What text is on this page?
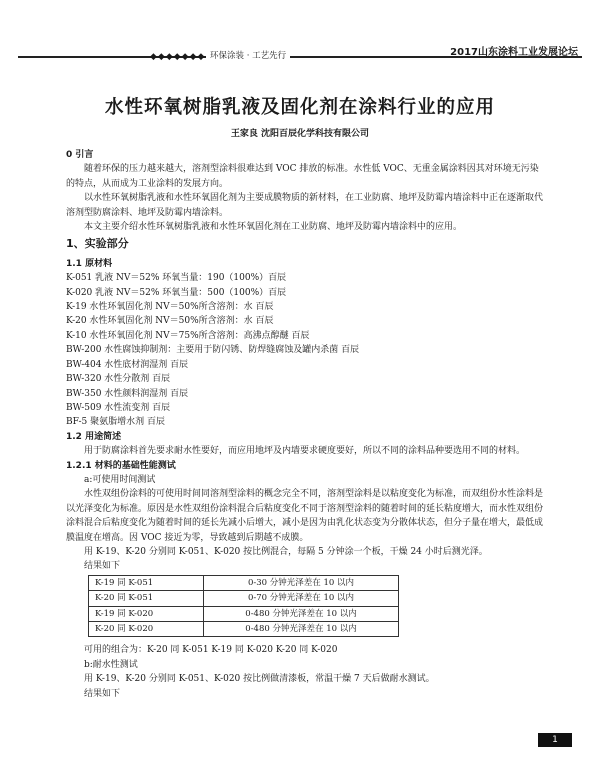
2017山东涂料工业发展论坛
◆◆◆◆◆◆◆ 环保涂装 · 工艺先行
水性环氧树脂乳液及固化剂在涂料行业的应用
王家良 沈阳百辰化学科技有限公司

0 引言

随着环保的压力越来越大，溶剂型涂料很难达到 VOC 排放的标准。水性低 VOC、无重金属涂料因其对环境无污染的特点，从而成为工业涂料的发展方向。

以水性环氧树脂乳液和水性环氧固化剂为主要成膜物质的新材料，在工业防腐、地坪及防霉内墙涂料中正在逐渐取代溶剂型防腐涂料、地坪及防霉内墙涂料。

本文主要介绍水性环氧树脂乳液和水性环氧固化剂在工业防腐、地坪及防霉内墙涂料中的应用。

1、实验部分

1.1 原材料

K-051 乳液 NV＝52% 环氧当量：190（100%）百辰

K-020 乳液 NV＝52% 环氧当量：500（100%）百辰

K-19 水性环氧固化剂 NV＝50%所含溶剂：水 百辰

K-20 水性环氧固化剂 NV＝50%所含溶剂：水 百辰

K-10 水性环氧固化剂 NV＝75%所含溶剂：高沸点醇醚 百辰

BW-200 水性腐蚀抑制剂：主要用于防闪锈、防焊缝腐蚀及罐内杀菌 百辰

BW-404 水性底材润湿剂 百辰

BW-320 水性分散剂 百辰

BW-350 水性颜料润湿剂 百辰

BW-509 水性流变剂 百辰

BF-5 聚氨脂增水剂 百辰

1.2 用途简述

用于防腐涂料首先要求耐水性要好，而应用地坪及内墙要求硬度要好，所以不同的涂料品种要选用不同的材料。

1.2.1 材料的基础性能测试

a:可使用时间测试

水性双组份涂料的可使用时间同溶剂型涂料的概念完全不同，溶剂型涂料是以粘度变化为标准，而双组份水性涂料是以光泽变化为标准。原因是水性双组份涂料混合后粘度变化不同于溶剂型涂料的随着时间的延长粘度增大，而水性双组份涂料混合后粘度变化为随着时间的延长先减小后增大，减小是因为由乳化状态变为分散体状态，但分子量在增大，最低成膜温度在增高。因 VOC 接近为零，导致越到后期越不成膜。

用 K-19、K-20 分别同 K-051、K-020 按比例混合，每隔 5 分钟涂一个板，干燥 24 小时后测光泽。

结果如下

K-19 同 K-051	0-30 分钟光泽差在 10 以内
K-20 同 K-051	0-70 分钟光泽差在 10 以内
K-19 同 K-020	0-480 分钟光泽差在 10 以内
K-20 同 K-020	0-480 分钟光泽差在 10 以内

可用的组合为：K-20 同 K-051 K-19 同 K-020 K-20 同 K-020

b:耐水性测试

用 K-19、K-20 分别同 K-051、K-020 按比例做清漆板，常温干燥 7 天后做耐水测试。

结果如下

1
